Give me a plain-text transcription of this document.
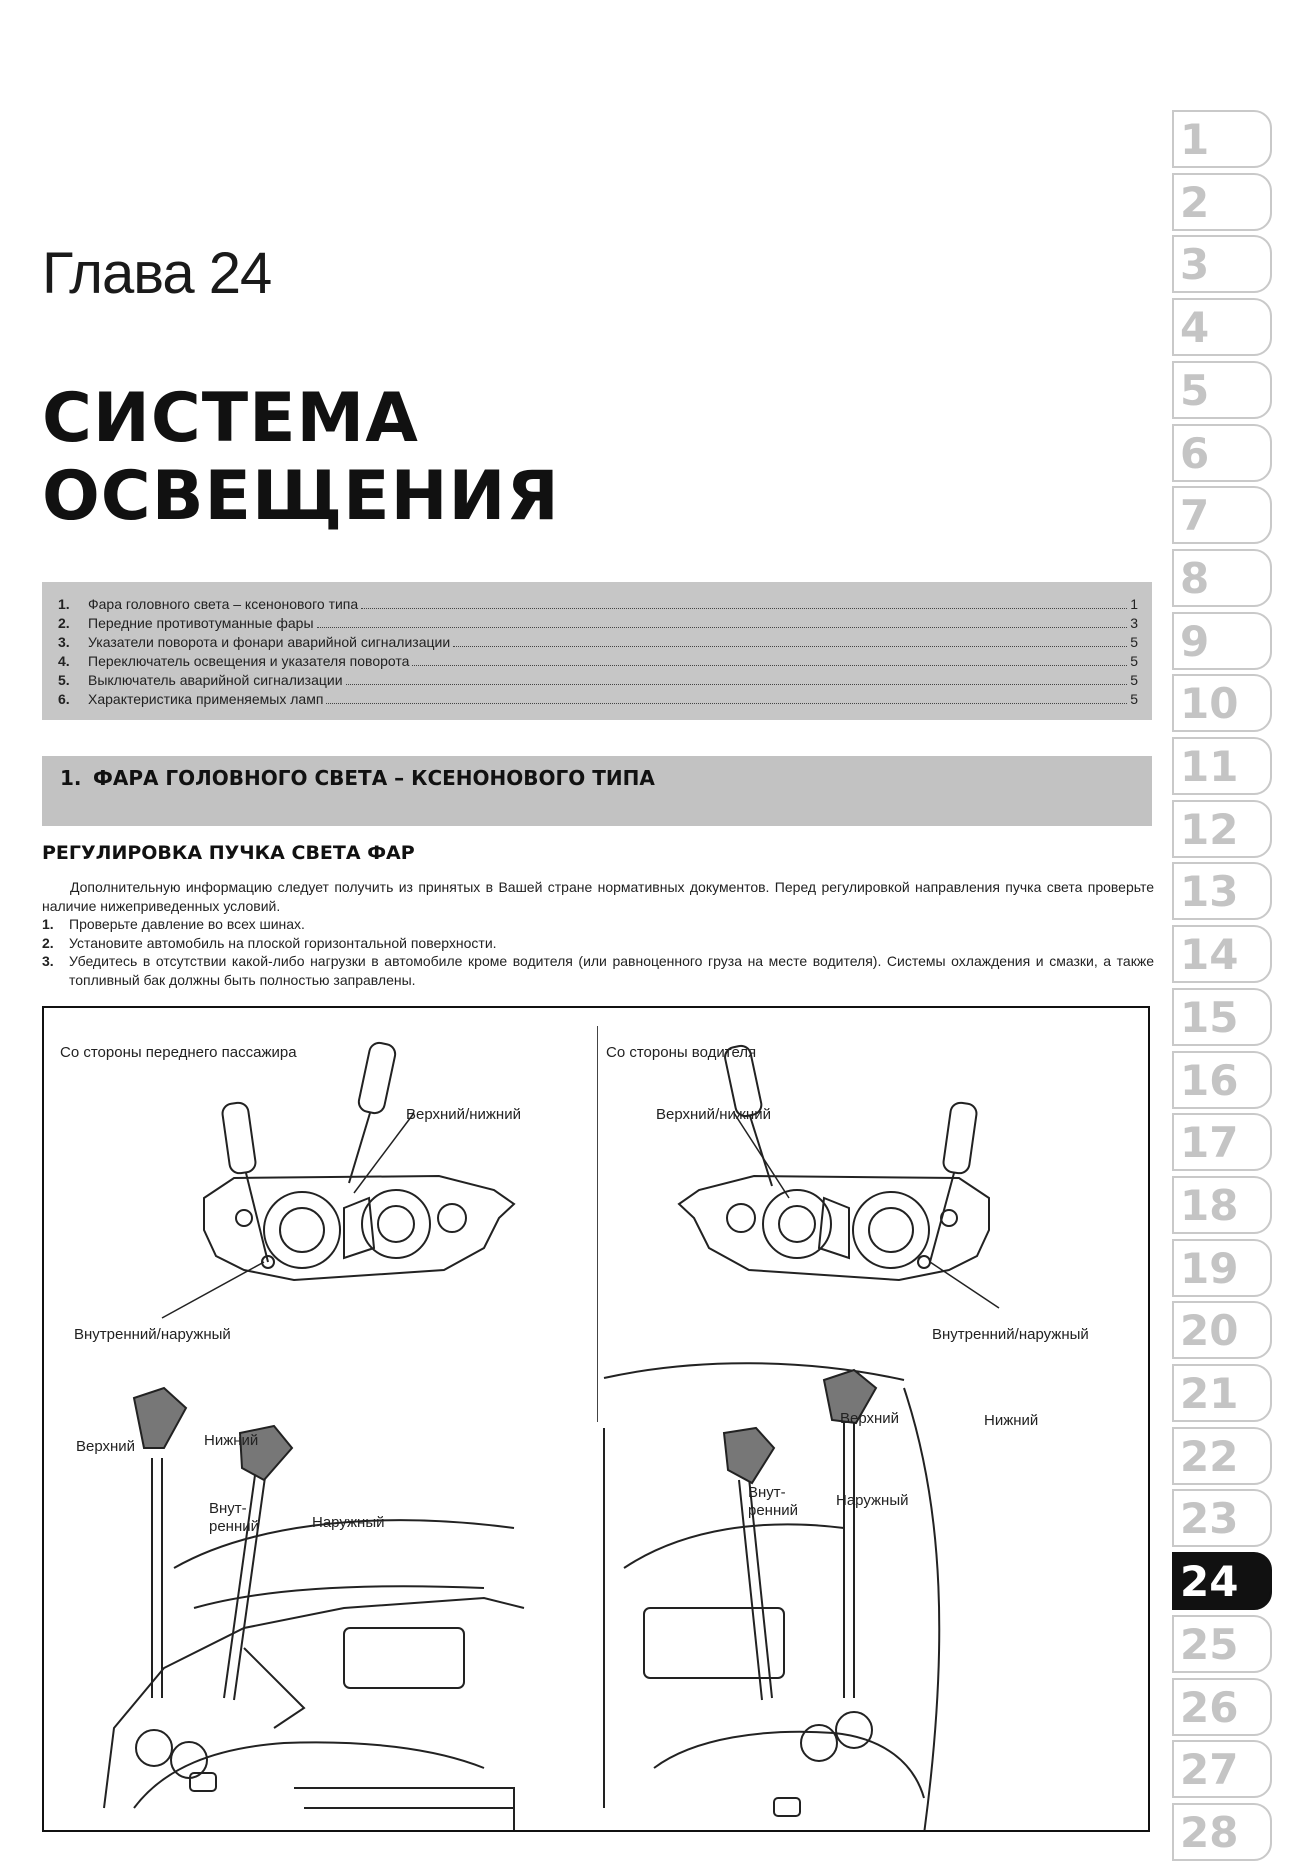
Глава 24
СИСТЕМА
ОСВЕЩЕНИЯ
1.	Фара головного света – ксенонового типа	1
2.	Передние противотуманные фары	3
3.	Указатели поворота и фонари аварийной сигнализации	5
4.	Переключатель освещения и указателя поворота	5
5.	Выключатель аварийной сигнализации	5
6.	Характеристика применяемых ламп	5
1. ФАРА ГОЛОВНОГО СВЕТА – КСЕНОНОВОГО ТИПА
РЕГУЛИРОВКА ПУЧКА СВЕТА ФАР

Дополнительную информацию следует получить из принятых в Вашей стране нормативных документов. Перед регулировкой направления пучка света проверьте наличие нижеприведенных условий.

1.	Проверьте давление во всех шинах.
2.	Установите автомобиль на плоской горизонтальной поверхности.
3.	Убедитесь в отсутствии какой-либо нагрузки в автомобиле кроме водителя (или равноценного груза на месте водителя). Системы охлаждения и смазки, а также топливный бак должны быть полностью заправлены.
Со стороны переднего пассажира	Со стороны водителя
Верхний/нижний
Внутренний/наружный
Верхний/нижний
Внутренний/наружный
Верхний	Нижний
Внут-
ренний	Наружный
Верхний	Нижний
Внут-
ренний
Наружный
1
2
3
4
5
6
7
8
9
10
11
12
13
14
15
16
17
18
19
20
21
22
23
24
25
26
27
28
